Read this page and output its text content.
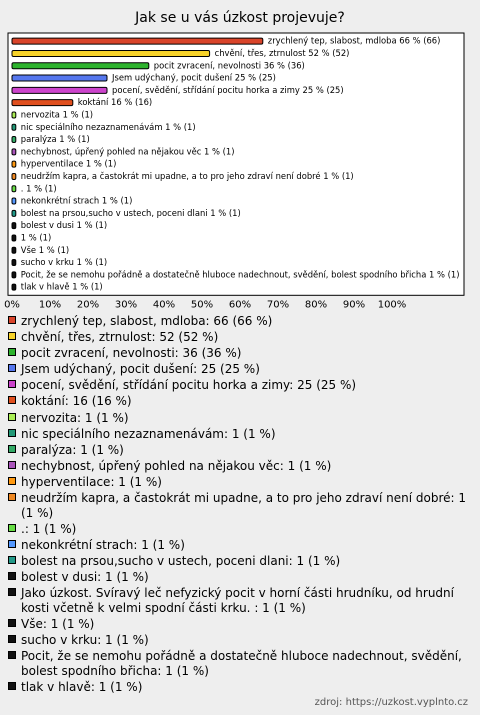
Jak se u vás úzkost projevuje?
zrychlený tep, slabost, mdloba 66 % (66)
chvění, třes, ztrnulost 52 % (52)
pocit zvracení, nevolnosti 36 % (36)
Jsem udýchaný, pocit dušení 25 % (25)
pocení, svědění, střídání pocitu horka a zimy 25 % (25)
koktání 16 % (16)
nervozita 1 % (1)
nic speciálního nezaznamenávám 1 % (1)
paralýza 1 % (1)
nechybnost, úpřený pohled na nějakou věc 1 % (1)
hyperventilace 1 % (1)
neudržím kapra, a častokrát mi upadne, a to pro jeho zdraví není dobré 1 % (1)
. 1 % (1)
nekonkrétní strach 1 % (1)
bolest na prsou,sucho v ustech, poceni dlani 1 % (1)
bolest v dusi 1 % (1)
1 % (1)
Vše 1 % (1)
sucho v krku 1 % (1)
Pocit, že se nemohu pořádně a dostatečně hluboce nadechnout, svědění, bolest spodního břicha 1 % (1)
tlak v hlavě 1 % (1)
0% 10% 20% 30% 40% 50% 60% 70% 80% 90% 100%
zrychlený tep, slabost, mdloba: 66 (66 %)
chvění, třes, ztrnulost: 52 (52 %)
pocit zvracení, nevolnosti: 36 (36 %)
Jsem udýchaný, pocit dušení: 25 (25 %)
pocení, svědění, střídání pocitu horka a zimy: 25 (25 %)
koktání: 16 (16 %)
nervozita: 1 (1 %)
nic speciálního nezaznamenávám: 1 (1 %)
paralýza: 1 (1 %)
nechybnost, úpřený pohled na nějakou věc: 1 (1 %)
hyperventilace: 1 (1 %)
neudržím kapra, a častokrát mi upadne, a to pro jeho zdraví není dobré: 1 (1 %)
.: 1 (1 %)
nekonkrétní strach: 1 (1 %)
bolest na prsou,sucho v ustech, poceni dlani: 1 (1 %)
bolest v dusi: 1 (1 %)
Jako úzkost. Svíravý leč nefyzický pocit v horní části hrudníku, od hrudní kosti včetně k velmi spodní části krku. : 1 (1 %)
Vše: 1 (1 %)
sucho v krku: 1 (1 %)
Pocit, že se nemohu pořádně a dostatečně hluboce nadechnout, svědění, bolest spodního břicha: 1 (1 %)
tlak v hlavě: 1 (1 %)
zdroj: https://uzkost.vyplnto.cz
